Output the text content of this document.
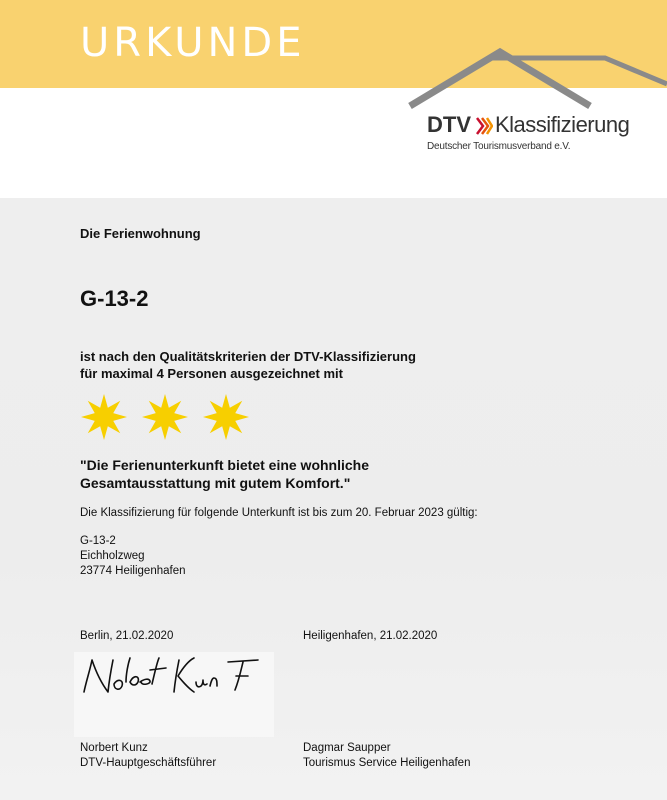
URKUNDE
DTV Klassifizierung
Deutscher Tourismusverband e.V.
Die Ferienwohnung
G-13-2
ist nach den Qualitätskriterien der DTV-Klassifizierung
für maximal 4 Personen ausgezeichnet mit
"Die Ferienunterkunft bietet eine wohnliche
Gesamtausstattung mit gutem Komfort."
Die Klassifizierung für folgende Unterkunft ist bis zum 20. Februar 2023 gültig:
G-13-2
Eichholzweg
23774 Heiligenhafen
Berlin, 21.02.2020	Heiligenhafen, 21.02.2020
Norbert Kunz
DTV-Hauptgeschäftsführer
Dagmar Saupper
Tourismus Service Heiligenhafen
